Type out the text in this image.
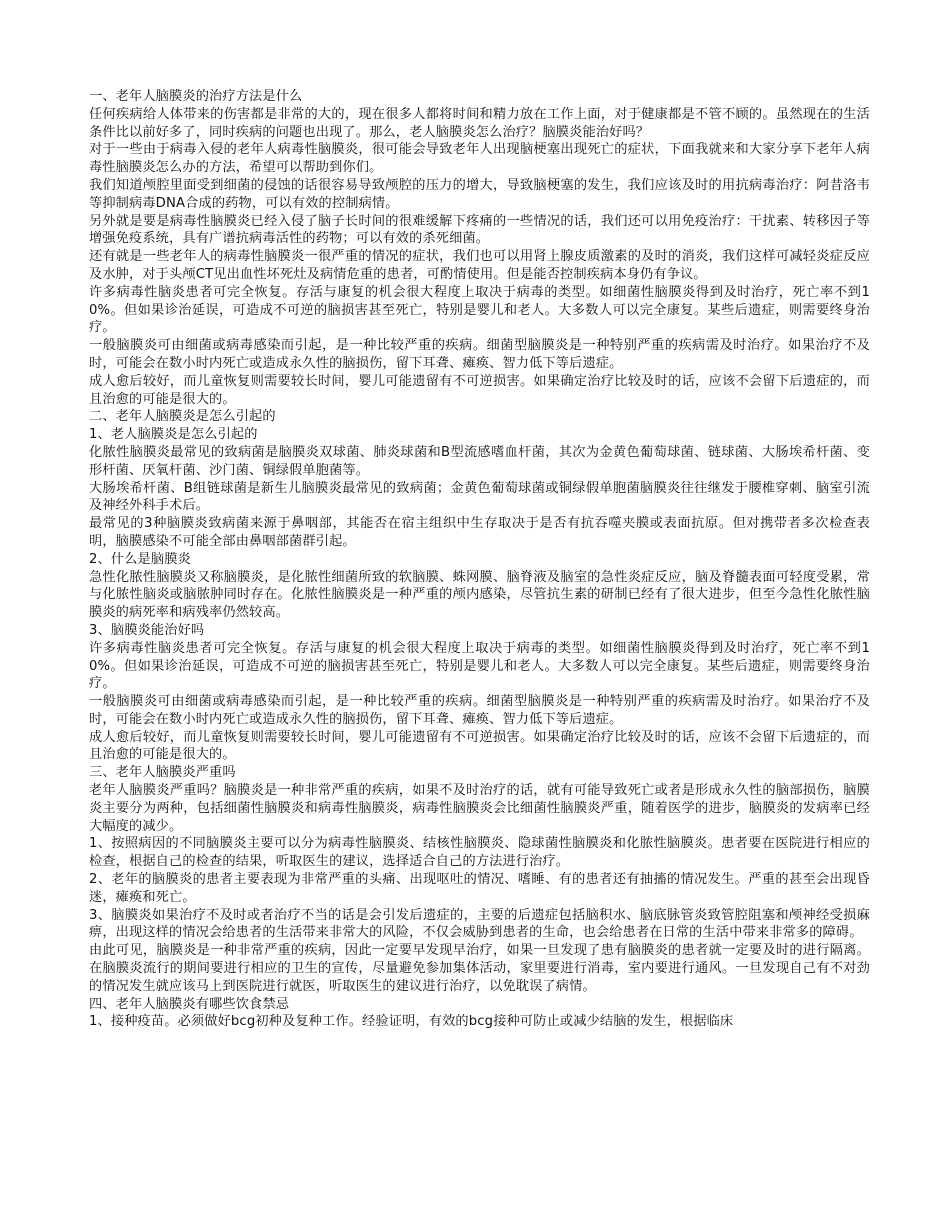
一、老年人脑膜炎的治疗方法是什么

任何疾病给人体带来的伤害都是非常的大的，现在很多人都将时间和精力放在工作上面，对于健康都是不管不顾的。虽然现在的生活条件比以前好多了，同时疾病的问题也出现了。那么，老人脑膜炎怎么治疗？脑膜炎能治好吗？

对于一些由于病毒入侵的老年人病毒性脑膜炎，很可能会导致老年人出现脑梗塞出现死亡的症状，下面我就来和大家分享下老年人病毒性脑膜炎怎么办的方法，希望可以帮助到你们。

我们知道颅腔里面受到细菌的侵蚀的话很容易导致颅腔的压力的增大，导致脑梗塞的发生，我们应该及时的用抗病毒治疗：阿昔洛韦等抑制病毒DNA合成的药物，可以有效的控制病情。

另外就是要是病毒性脑膜炎已经入侵了脑子长时间的很难缓解下疼痛的一些情况的话，我们还可以用免疫治疗：干扰素、转移因子等增强免疫系统，具有广谱抗病毒活性的药物；可以有效的杀死细菌。

还有就是一些老年人的病毒性脑膜炎一很严重的情况的症状，我们也可以用肾上腺皮质激素的及时的消炎，我们这样可减轻炎症反应及水肿，对于头颅CT见出血性坏死灶及病情危重的患者，可酌情使用。但是能否控制疾病本身仍有争议。

许多病毒性脑炎患者可完全恢复。存活与康复的机会很大程度上取决于病毒的类型。如细菌性脑膜炎得到及时治疗，死亡率不到10%。但如果诊治延误，可造成不可逆的脑损害甚至死亡，特别是婴儿和老人。大多数人可以完全康复。某些后遗症，则需要终身治疗。

一般脑膜炎可由细菌或病毒感染而引起，是一种比较严重的疾病。细菌型脑膜炎是一种特别严重的疾病需及时治疗。如果治疗不及时，可能会在数小时内死亡或造成永久性的脑损伤，留下耳聋、瘫痪、智力低下等后遗症。

成人愈后较好，而儿童恢复则需要较长时间，婴儿可能遗留有不可逆损害。如果确定治疗比较及时的话，应该不会留下后遗症的，而且治愈的可能是很大的。

二、老年人脑膜炎是怎么引起的

1、老人脑膜炎是怎么引起的

化脓性脑膜炎最常见的致病菌是脑膜炎双球菌、肺炎球菌和B型流感嗜血杆菌，其次为金黄色葡萄球菌、链球菌、大肠埃希杆菌、变形杆菌、厌氧杆菌、沙门菌、铜绿假单胞菌等。

大肠埃希杆菌、B组链球菌是新生儿脑膜炎最常见的致病菌；金黄色葡萄球菌或铜绿假单胞菌脑膜炎往往继发于腰椎穿刺、脑室引流及神经外科手术后。

最常见的3种脑膜炎致病菌来源于鼻咽部，其能否在宿主组织中生存取决于是否有抗吞噬夹膜或表面抗原。但对携带者多次检查表明，脑膜感染不可能全部由鼻咽部菌群引起。

2、什么是脑膜炎

急性化脓性脑膜炎又称脑膜炎，是化脓性细菌所致的软脑膜、蛛网膜、脑脊液及脑室的急性炎症反应，脑及脊髓表面可轻度受累，常与化脓性脑炎或脑脓肿同时存在。化脓性脑膜炎是一种严重的颅内感染，尽管抗生素的研制已经有了很大进步，但至今急性化脓性脑膜炎的病死率和病残率仍然较高。

3、脑膜炎能治好吗

许多病毒性脑炎患者可完全恢复。存活与康复的机会很大程度上取决于病毒的类型。如细菌性脑膜炎得到及时治疗，死亡率不到10%。但如果诊治延误，可造成不可逆的脑损害甚至死亡，特别是婴儿和老人。大多数人可以完全康复。某些后遗症，则需要终身治疗。

一般脑膜炎可由细菌或病毒感染而引起，是一种比较严重的疾病。细菌型脑膜炎是一种特别严重的疾病需及时治疗。如果治疗不及时，可能会在数小时内死亡或造成永久性的脑损伤，留下耳聋、瘫痪、智力低下等后遗症。

成人愈后较好，而儿童恢复则需要较长时间，婴儿可能遗留有不可逆损害。如果确定治疗比较及时的话，应该不会留下后遗症的，而且治愈的可能是很大的。

三、老年人脑膜炎严重吗

老年人脑膜炎严重吗？脑膜炎是一种非常严重的疾病，如果不及时治疗的话，就有可能导致死亡或者是形成永久性的脑部损伤，脑膜炎主要分为两种，包括细菌性脑膜炎和病毒性脑膜炎，病毒性脑膜炎会比细菌性脑膜炎严重，随着医学的进步，脑膜炎的发病率已经大幅度的减少。

1、按照病因的不同脑膜炎主要可以分为病毒性脑膜炎、结核性脑膜炎、隐球菌性脑膜炎和化脓性脑膜炎。患者要在医院进行相应的检查，根据自己的检查的结果，听取医生的建议，选择适合自己的方法进行治疗。

2、老年的脑膜炎的患者主要表现为非常严重的头痛、出现呕吐的情况、嗜睡、有的患者还有抽搐的情况发生。严重的甚至会出现昏迷，瘫痪和死亡。

3、脑膜炎如果治疗不及时或者治疗不当的话是会引发后遗症的，主要的后遗症包括脑积水、脑底脉管炎致管腔阻塞和颅神经受损麻痹，出现这样的情况会给患者的生活带来非常大的风险，不仅会威胁到患者的生命，也会给患者在日常的生活中带来非常多的障碍。

由此可见，脑膜炎是一种非常严重的疾病，因此一定要早发现早治疗，如果一旦发现了患有脑膜炎的患者就一定要及时的进行隔离。在脑膜炎流行的期间要进行相应的卫生的宣传，尽量避免参加集体活动，家里要进行消毒，室内要进行通风。一旦发现自己有不对劲的情况发生就应该马上到医院进行就医，听取医生的建议进行治疗，以免耽误了病情。

四、老年人脑膜炎有哪些饮食禁忌

1、接种疫苗。必须做好bcg初种及复种工作。经验证明，有效的bcg接种可防止或减少结脑的发生，根据临床
